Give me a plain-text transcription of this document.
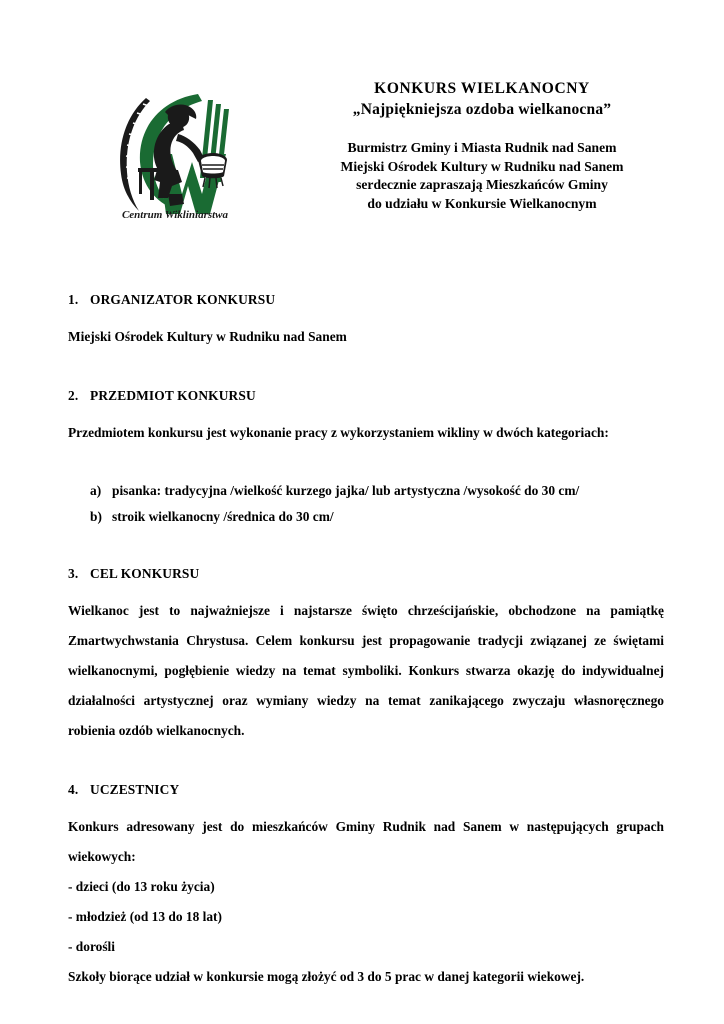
Centrum Wikliniarstwa
KONKURS WIELKANOCNY
„Najpiękniejsza ozdoba wielkanocna”
Burmistrz Gminy i Miasta Rudnik nad Sanem
Miejski Ośrodek Kultury w Rudniku nad Sanem
serdecznie zapraszają Mieszkańców Gminy
do udziału w Konkursie Wielkanocnym
1. ORGANIZATOR KONKURSU

Miejski Ośrodek Kultury w Rudniku nad Sanem

2. PRZEDMIOT KONKURSU

Przedmiotem konkursu jest wykonanie pracy z wykorzystaniem wikliny w dwóch kategoriach:

a) pisanka: tradycyjna /wielkość kurzego jajka/ lub artystyczna /wysokość do 30 cm/
b) stroik wielkanocny /średnica do 30 cm/
3. CEL KONKURSU

Wielkanoc jest to najważniejsze i najstarsze święto chrześcijańskie, obchodzone na pamiątkę Zmartwychwstania Chrystusa. Celem konkursu jest propagowanie tradycji związanej ze świętami wielkanocnymi, pogłębienie wiedzy na temat symboliki. Konkurs stwarza okazję do indywidualnej działalności artystycznej oraz wymiany wiedzy na temat zanikającego zwyczaju własnoręcznego robienia ozdób wielkanocnych.

4. UCZESTNICY

Konkurs adresowany jest do mieszkańców Gminy Rudnik nad Sanem w następujących grupach wiekowych:

- dzieci (do 13 roku życia)
- młodzież (od 13 do 18 lat)
- dorośli

Szkoły biorące udział w konkursie mogą złożyć od 3 do 5 prac w danej kategorii wiekowej.
